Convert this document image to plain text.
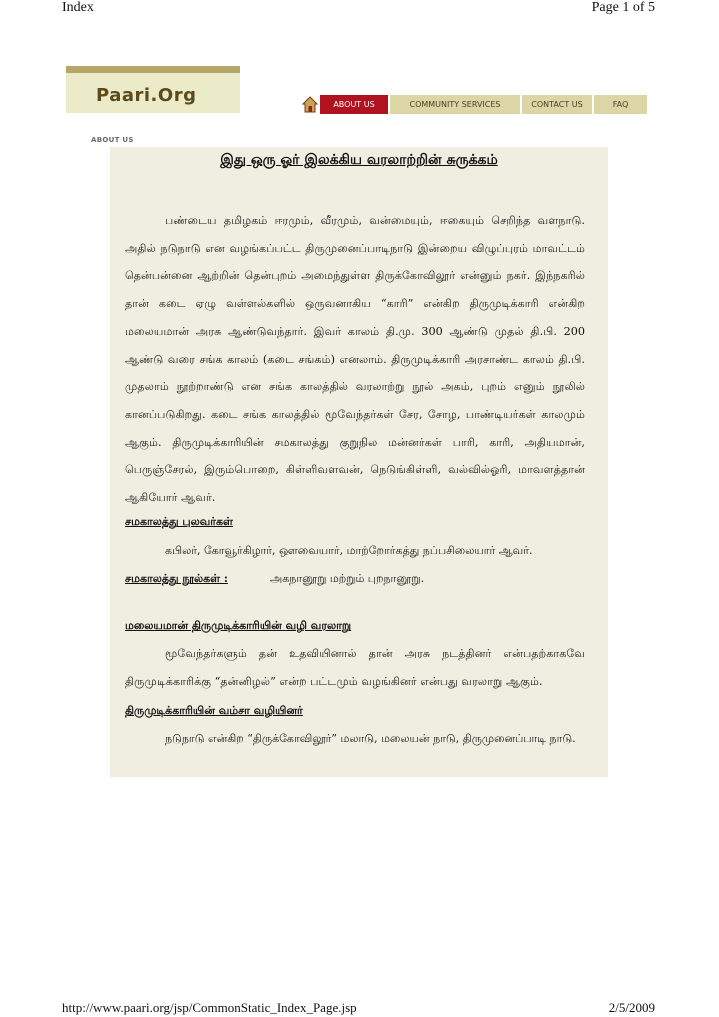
Index	Page 1 of 5
Paari.Org	ABOUT US	COMMUNITY SERVICES	CONTACT US	FAQ
ABOUT US
இது ஒரு ஓர் இலக்கிய வரலாற்றின் சுருக்கம்
பண்டைய தமிழகம் ஈரமும், வீரமும், வன்மையும், ஈகையும் செறிந்த வளநாடு. அதில் நடுநாடு என வழங்கப்பட்ட திருமுனைப்பாடிநாடு இன்றைய விழுப்புரம் மாவட்டம் தென்பன்னை ஆற்றின் தென்புறம் அமைந்துள்ள திருக்கோவிலூர் என்னும் நகர். இந்நகரில் தான் கடை ஏழு வள்ளல்களில் ஒருவனாகிய “காரி” என்கிற திருமுடிக்காரி என்கிற மலையமான் அரசு ஆண்டுவந்தார். இவர் காலம் தி.மு. 300 ஆண்டு முதல் தி.பி. 200 ஆண்டு வரை சங்க காலம் (கடை சங்கம்) எனலாம். திருமுடிக்காரி அரசாண்ட காலம் தி.பி. முதலாம் நூற்றாண்டு என சங்க காலத்தில் வரலாற்று நூல் அகம், புறம் எனும் நூலில் கானப்படுகிறது. கடை சங்க காலத்தில் மூவேந்தர்கள் சேர, சோழ, பாண்டியர்கள் காலமும் ஆகும். திருமுடிக்காரியின் சமகாலத்து குறுநில மன்னர்கள் பாரி, காரி, அதியமான், பெருஞ்சேரல், இரும்பொறை, கிள்ளிவளவன், நெடுங்கிள்ளி, வல்வில்ஓரி, மாவளத்தான் ஆகியோர் ஆவர்.
சமகாலத்து புலவர்கள்
கபிலர், கோவூர்கிழார், ஔவையார், மாற்றோர்கத்து நப்பசிலையார் ஆவர்.
சமகாலத்து நூல்கள் :	அகநானூறு மற்றும் புறநானூறு.
மலையமான் திருமுடிக்காரியின் வழி வரலாறு
மூவேந்தர்களும் தன் உதவியினால் தான் அரசு நடத்தினர் என்பதற்காகவே திருமுடிக்காரிக்கு “தன்னிழல்” என்ற பட்டமும் வழங்கினர் என்பது வரலாறு ஆகும்.
திருமுடிக்காரியின் வம்சா வழியினர்
நடுநாடு என்கிற “திருக்கோவிலூர்” மலாடு, மலையன் நாடு, திருமுனைப்பாடி நாடு.
http://www.paari.org/jsp/CommonStatic_Index_Page.jsp	2/5/2009
